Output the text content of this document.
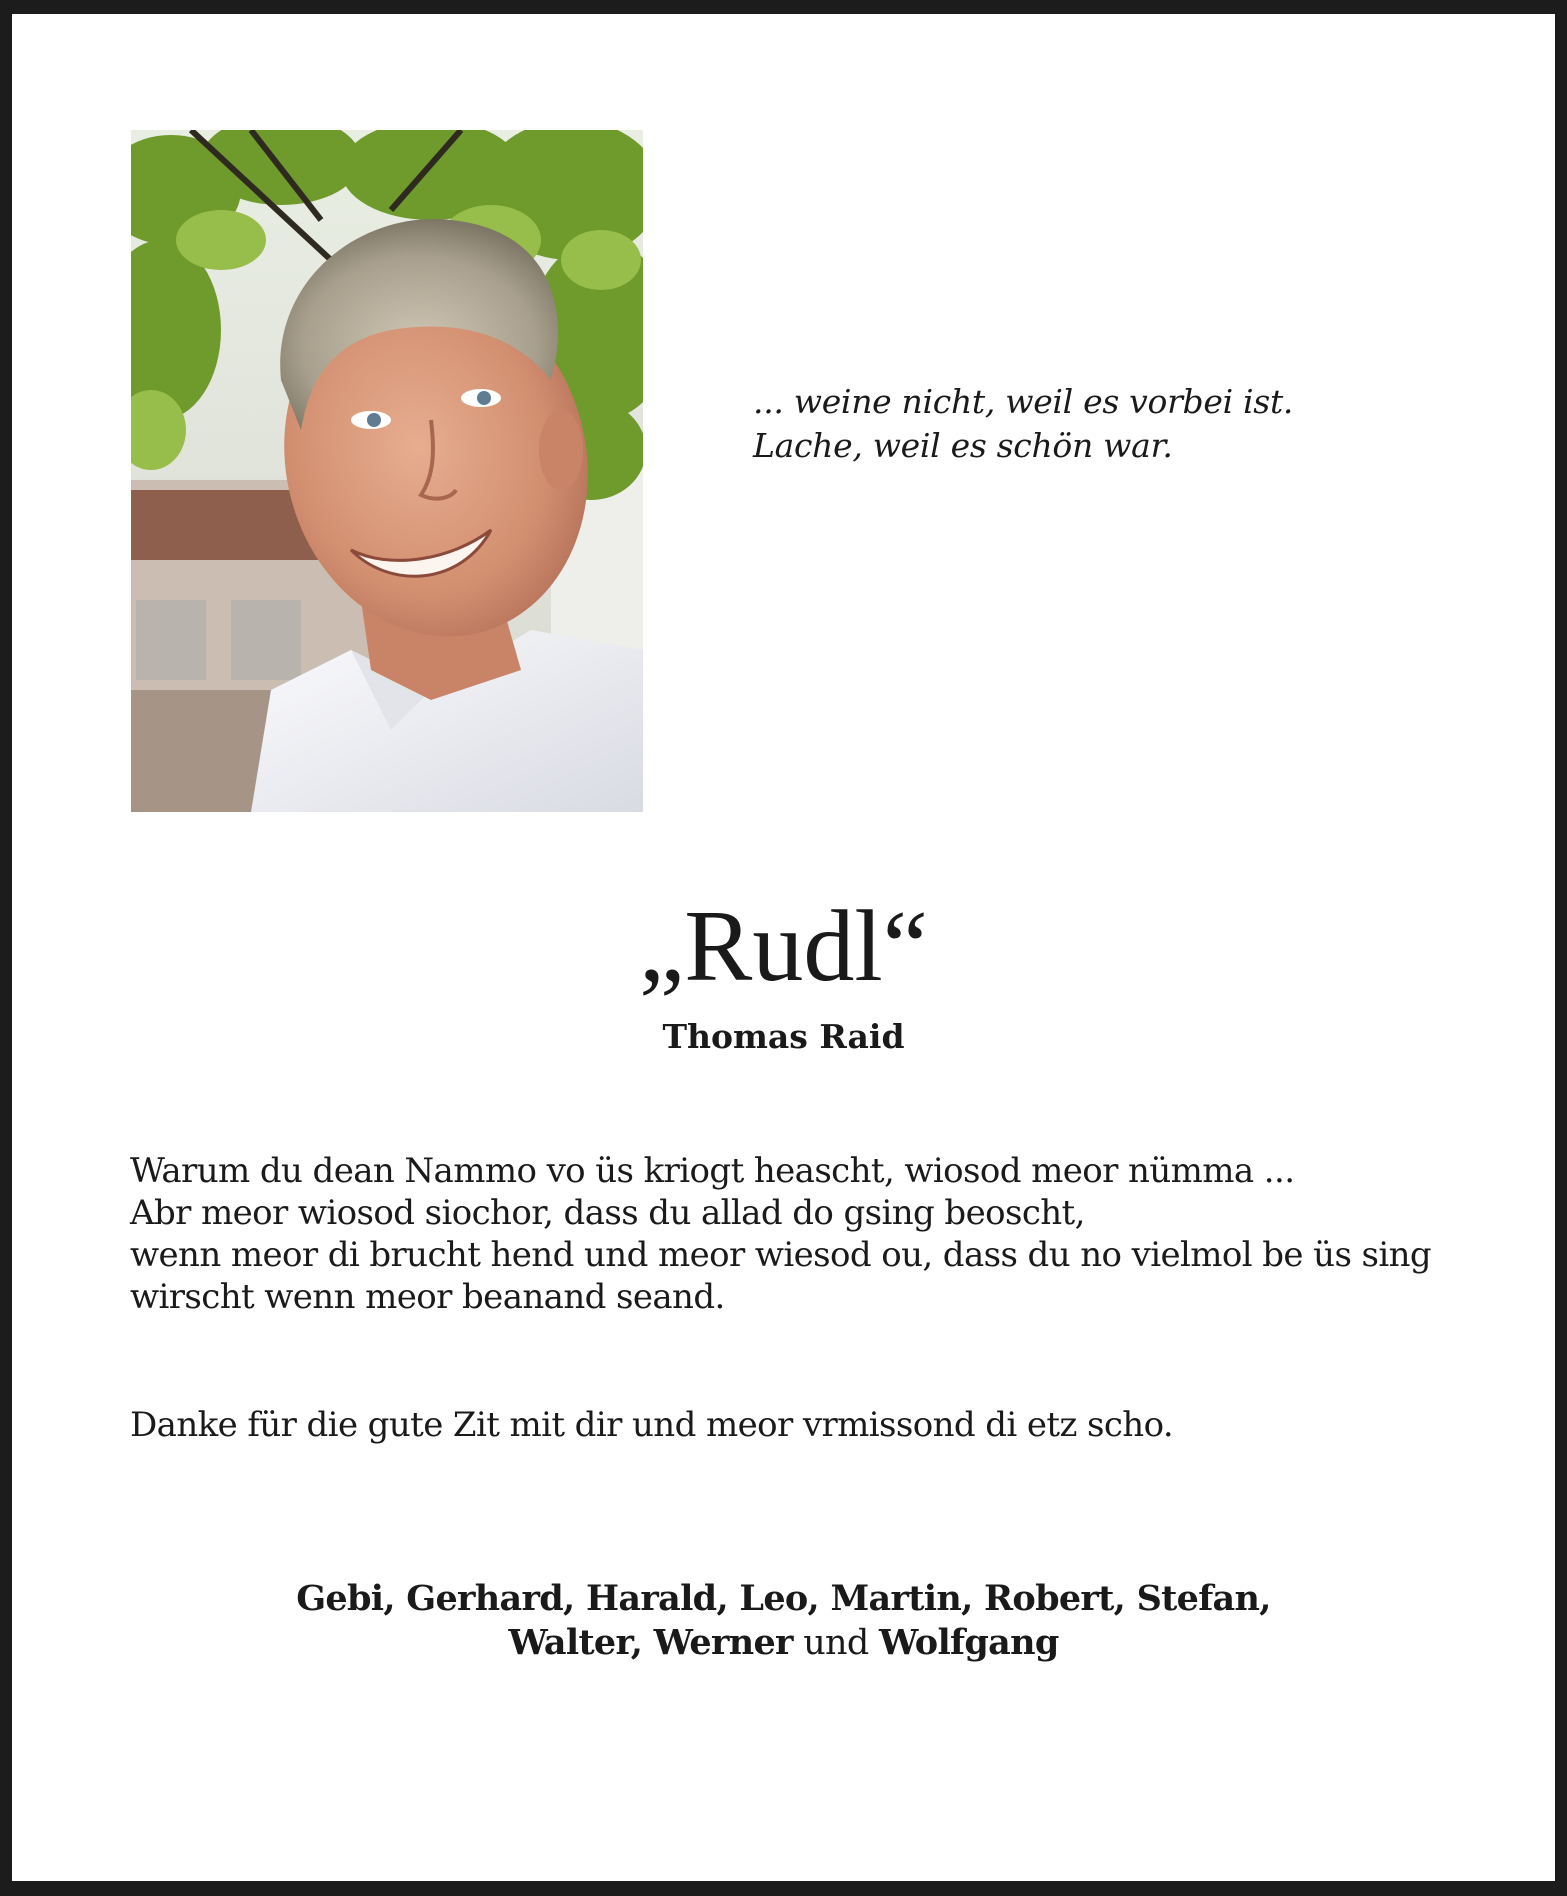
... weine nicht, weil es vorbei ist.
Lache, weil es schön war.
„Rudl“
Thomas Raid
Warum du dean Nammo vo üs kriogt heascht, wiosod meor nümma ...
Abr meor wiosod siochor, dass du allad do gsing beoscht,
wenn meor di brucht hend und meor wiesod ou, dass du no vielmol be üs sing
wirscht wenn meor beanand seand.
Danke für die gute Zit mit dir und meor vrmissond di etz scho.
Gebi, Gerhard, Harald, Leo, Martin, Robert, Stefan,
Walter, Werner und Wolfgang
